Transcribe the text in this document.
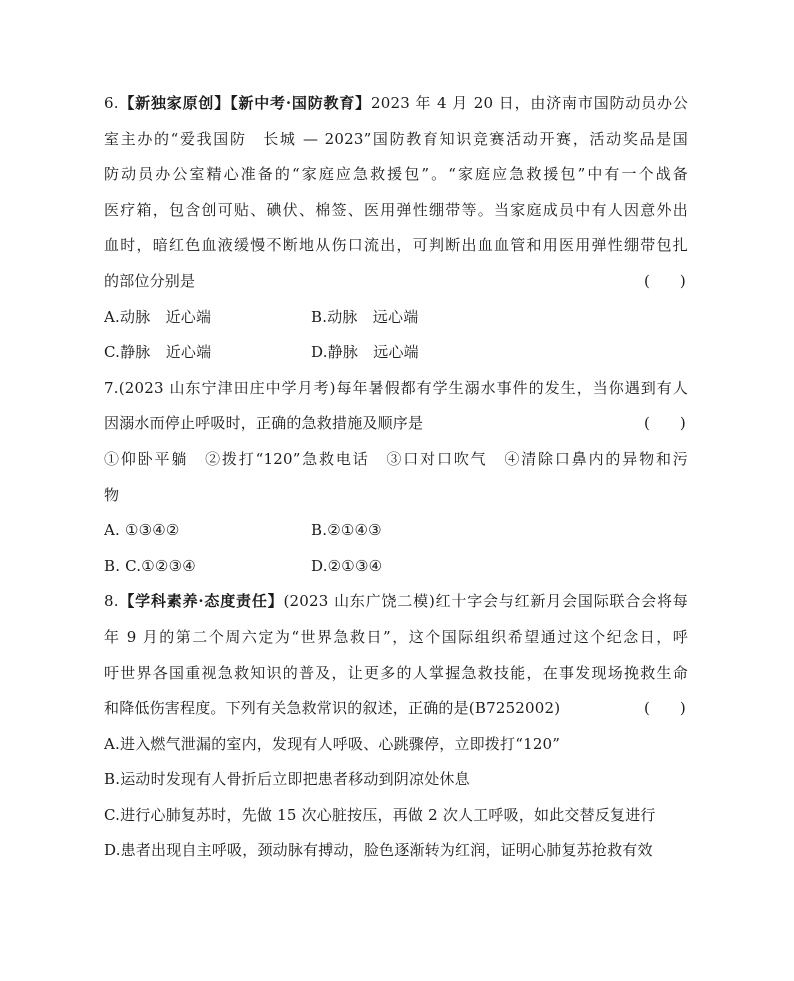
6.【新独家原创】【新中考·国防教育】2023 年 4 月 20 日，由济南市国防动员办公
室主办的“爱我国防　长城 — 2023”国防教育知识竞赛活动开赛，活动奖品是国
防动员办公室精心准备的“家庭应急救援包”。“家庭应急救援包”中有一个战备
医疗箱，包含创可贴、碘伏、棉签、医用弹性绷带等。当家庭成员中有人因意外出
血时，暗红色血液缓慢不断地从伤口流出，可判断出血血管和用医用弹性绷带包扎
的部位分别是	(      )
A.动脉　近心端	B.动脉　远心端
C.静脉　近心端	D.静脉　远心端
7.(2023 山东宁津田庄中学月考)每年暑假都有学生溺水事件的发生，当你遇到有人
因溺水而停止呼吸时，正确的急救措施及顺序是	(      )
①仰卧平躺　②拨打“120”急救电话　③口对口吹气　④清除口鼻内的异物和污
物
A. ①③④②	B.②①④③
B. C.①②③④	D.②①③④
8.【学科素养·态度责任】(2023 山东广饶二模)红十字会与红新月会国际联合会将每
年 9 月的第二个周六定为“世界急救日”，这个国际组织希望通过这个纪念日，呼
吁世界各国重视急救知识的普及，让更多的人掌握急救技能，在事发现场挽救生命
和降低伤害程度。下列有关急救常识的叙述，正确的是(B7252002)	(      )
A.进入燃气泄漏的室内，发现有人呼吸、心跳骤停，立即拨打“120”
B.运动时发现有人骨折后立即把患者移动到阴凉处休息
C.进行心肺复苏时，先做 15 次心脏按压，再做 2 次人工呼吸，如此交替反复进行
D.患者出现自主呼吸，颈动脉有搏动，脸色逐渐转为红润，证明心肺复苏抢救有效
